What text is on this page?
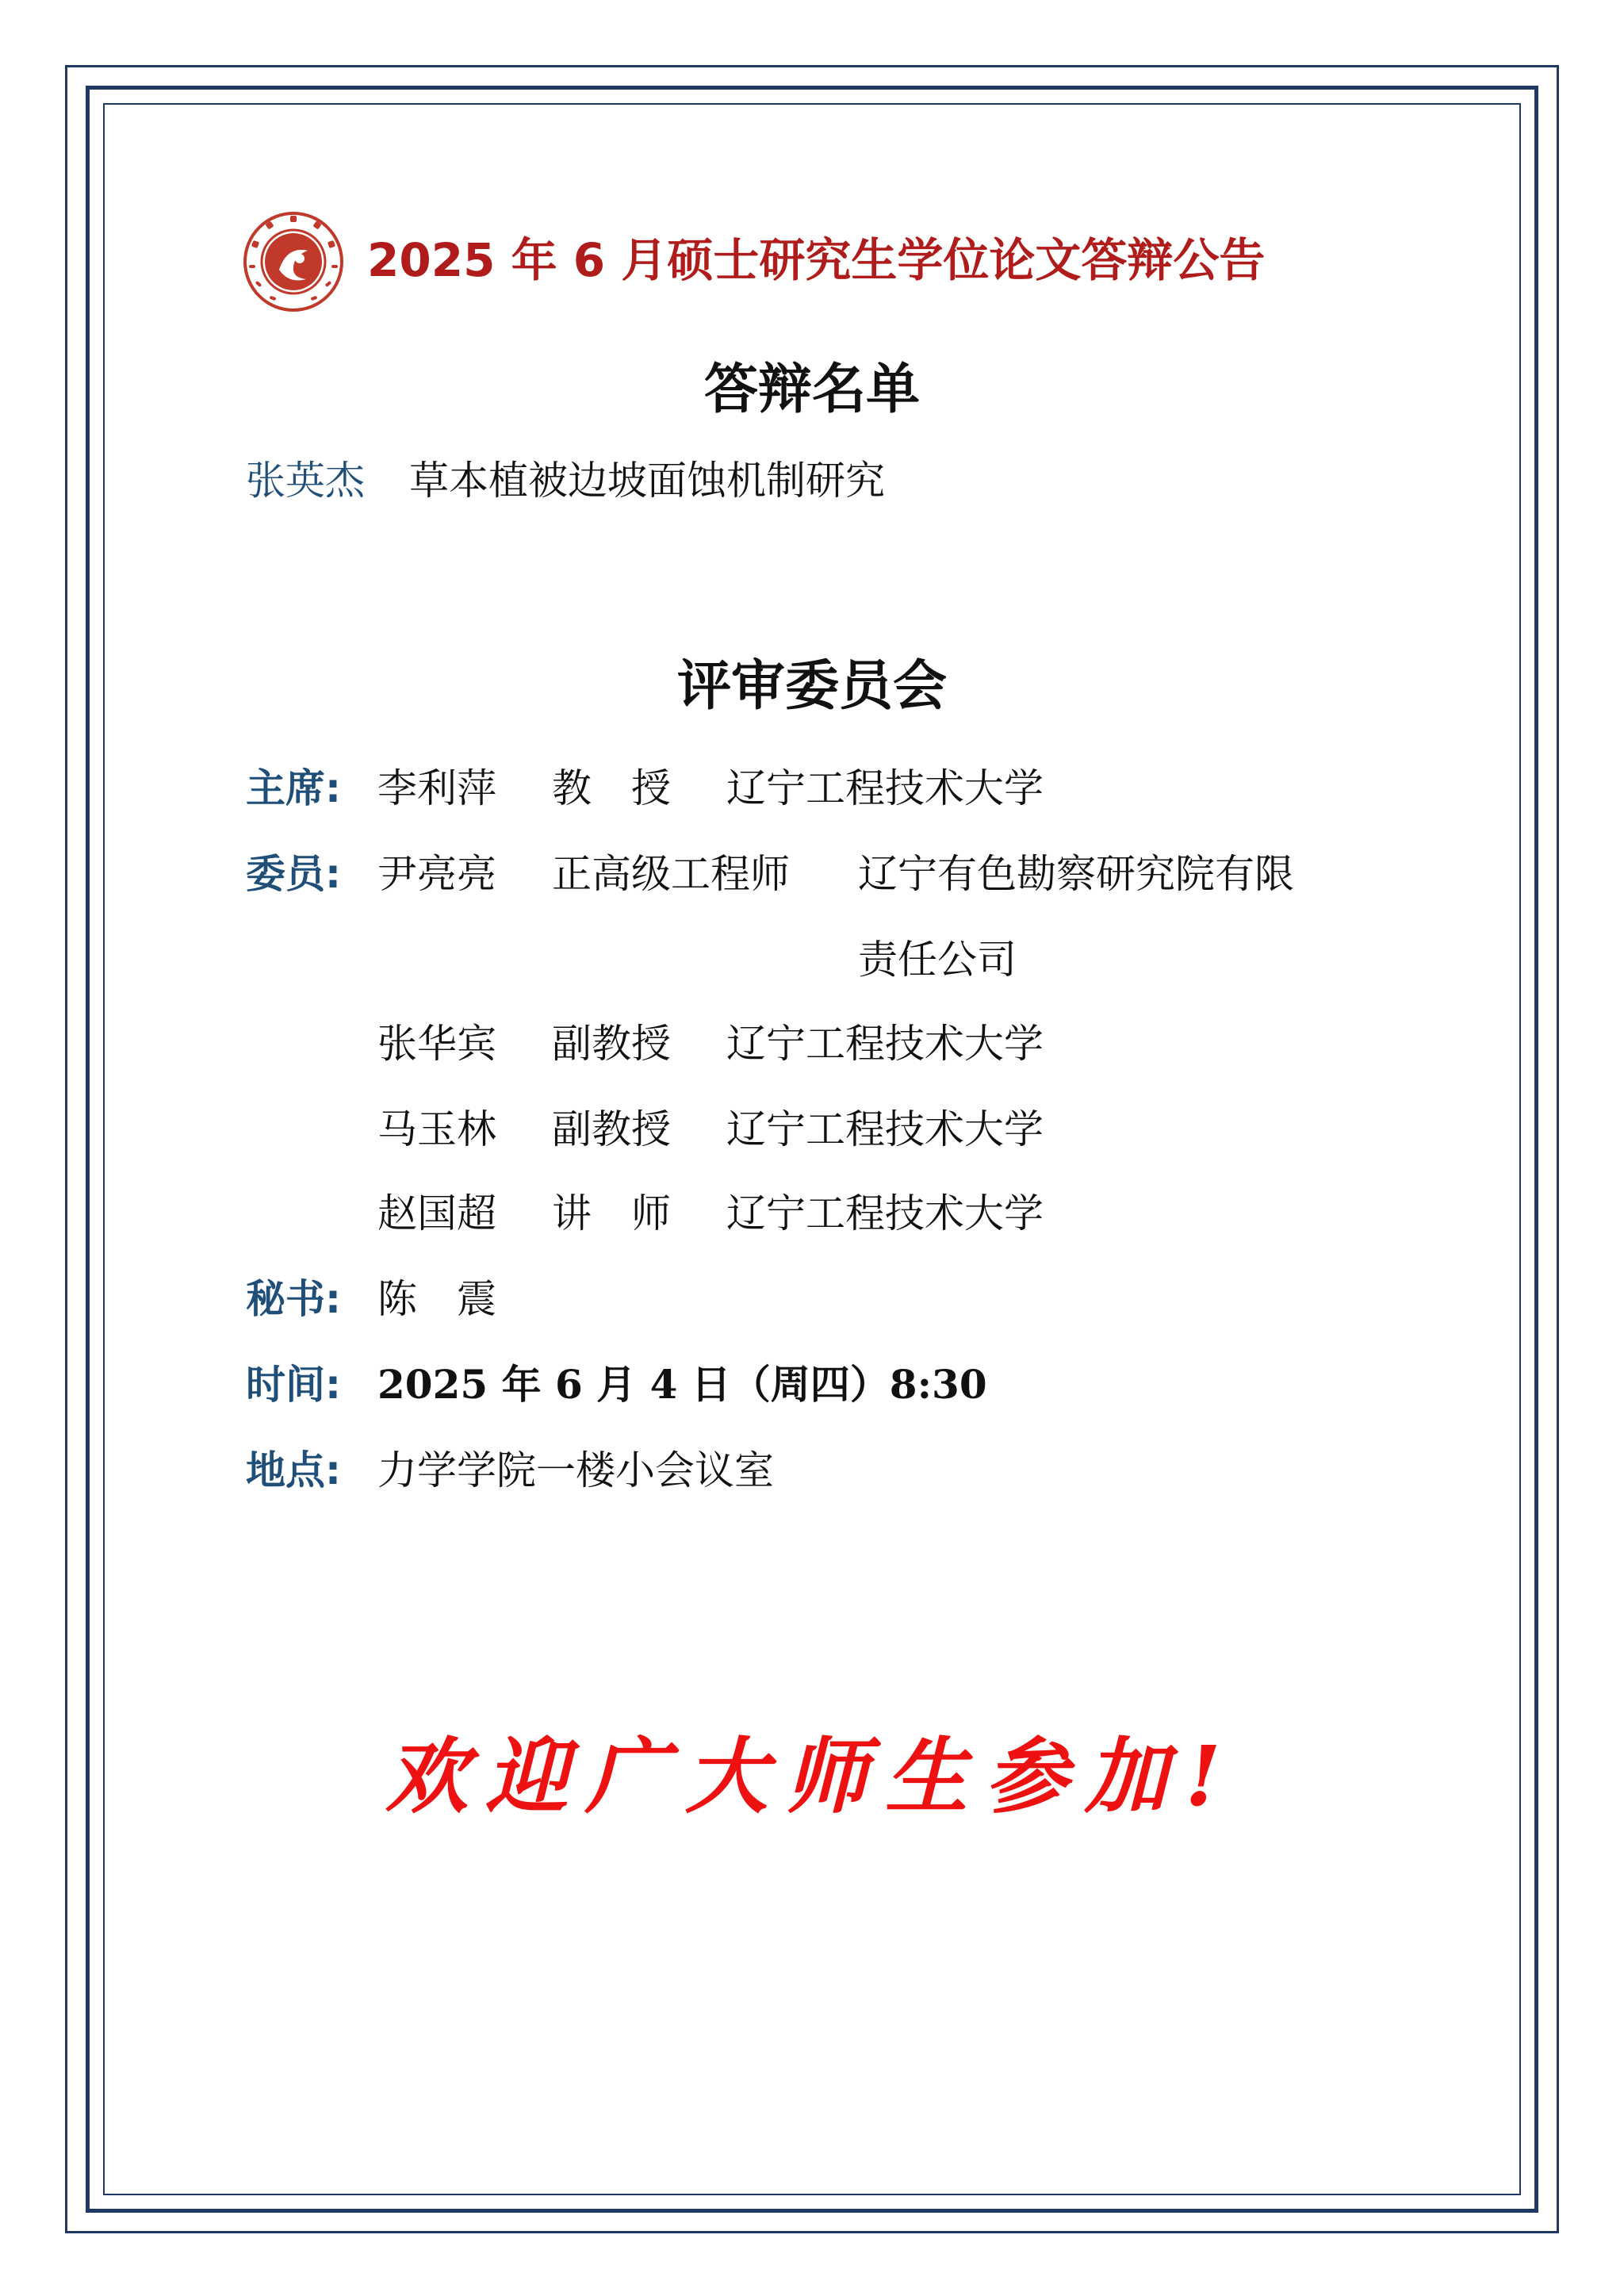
2025 年 6 月硕士研究生学位论文答辩公告
答辩名单
张英杰 草本植被边坡面蚀机制研究
评审委员会
主席: 李利萍 教　授 辽宁工程技术大学
委员: 尹亮亮 正高级工程师 辽宁有色勘察研究院有限
责任公司
张华宾 副教授 辽宁工程技术大学
马玉林 副教授 辽宁工程技术大学
赵国超 讲　师 辽宁工程技术大学
秘书: 陈　震
时间: 2025 年 6 月 4 日（周四）8:30
地点: 力学学院一楼小会议室
欢迎广大师生参加!
